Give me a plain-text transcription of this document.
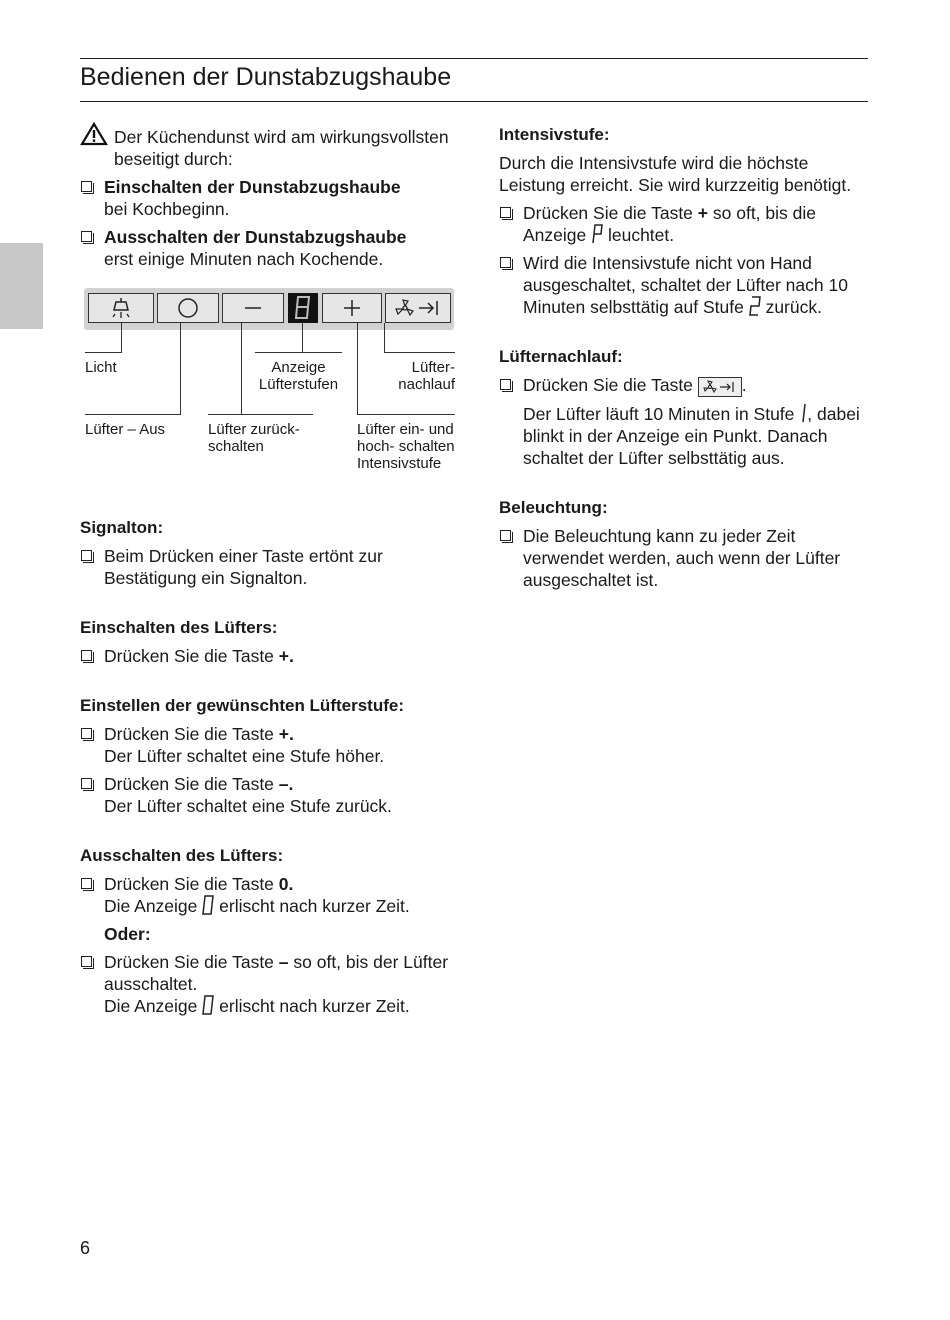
Bedienen der Dunstabzugshaube

Der Küchendunst wird am wirkungsvollsten beseitigt durch:

Einschalten der Dunstabzugshaube
bei Kochbeginn.
Ausschalten der Dunstabzugshaube
erst einige Minuten nach Kochende.
Licht	Anzeige Lüfterstufen
Lüfter- nachlauf
Lüfter – Aus	Lüfter zurück- schalten
Lüfter ein- und hoch- schalten Intensivstufe

Signalton:

Beim Drücken einer Taste ertönt zur Bestätigung ein Signalton.

Einschalten des Lüfters:

Drücken Sie die Taste +.

Einstellen der gewünschten Lüfterstufe:

Drücken Sie die Taste +.
Der Lüfter schaltet eine Stufe höher.
Drücken Sie die Taste –.
Der Lüfter schaltet eine Stufe zurück.

Ausschalten des Lüfters:

Drücken Sie die Taste 0.
Die Anzeige  erlischt nach kurzer Zeit.

Oder:

Drücken Sie die Taste – so oft, bis der Lüfter ausschaltet.
Die Anzeige  erlischt nach kurzer Zeit.

Intensivstufe:

Durch die Intensivstufe wird die höchste Leistung erreicht. Sie wird kurzzeitig benötigt.

Drücken Sie die Taste + so oft, bis die Anzeige  leuchtet.
Wird die Intensivstufe nicht von Hand ausgeschaltet, schaltet der Lüfter nach 10 Minuten selbsttätig auf Stufe  zurück.

Lüfternachlauf:

Drücken Sie die Taste	.

Der Lüfter läuft 10 Minuten in Stufe , dabei blinkt in der Anzeige ein Punkt. Danach schaltet der Lüfter selbsttätig aus.

Beleuchtung:

Die Beleuchtung kann zu jeder Zeit verwendet werden, auch wenn der Lüfter ausgeschaltet ist.
6
